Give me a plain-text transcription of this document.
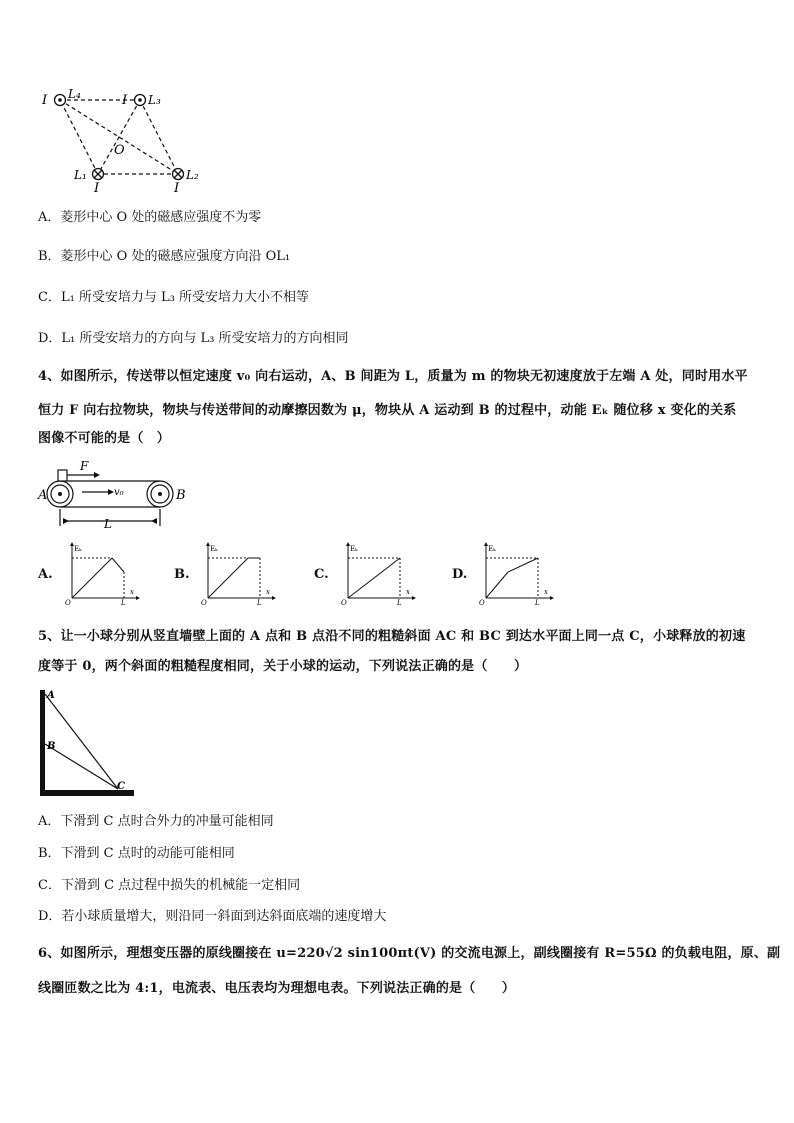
I L₄	I L₃
O
L₁
I
L₂
I
A．菱形中心 O 处的磁感应强度不为零
B．菱形中心 O 处的磁感应强度方向沿 OL₁
C．L₁ 所受安培力与 L₃ 所受安培力大小不相等
D．L₁ 所受安培力的方向与 L₃ 所受安培力的方向相同
4、如图所示，传送带以恒定速度 v₀ 向右运动，A、B 间距为 L，质量为 m 的物块无初速度放于左端 A 处，同时用水平
恒力 F 向右拉物块，物块与传送带间的动摩擦因数为 μ，物块从 A 运动到 B 的过程中，动能 Eₖ 随位移 x 变化的关系
图像不可能的是（　）
A	B
F
v₀
L
A.	B.	C.	D.
Eₖ
x
O	L
Eₖ
x
O	L
Eₖ
x
O	L
Eₖ
x
O	L
5、让一小球分别从竖直墙壁上面的 A 点和 B 点沿不同的粗糙斜面 AC 和 BC 到达水平面上同一点 C，小球释放的初速
度等于 0，两个斜面的粗糙程度相同，关于小球的运动，下列说法正确的是（　　）
A
B
C
A．下滑到 C 点时合外力的冲量可能相同
B．下滑到 C 点时的动能可能相同
C．下滑到 C 点过程中损失的机械能一定相同
D．若小球质量增大，则沿同一斜面到达斜面底端的速度增大
6、如图所示，理想变压器的原线圈接在 u=220√2 sin100πt(V) 的交流电源上，副线圈接有 R=55Ω 的负载电阻，原、副
线圈匝数之比为 4:1，电流表、电压表均为理想电表。下列说法正确的是（　　）
